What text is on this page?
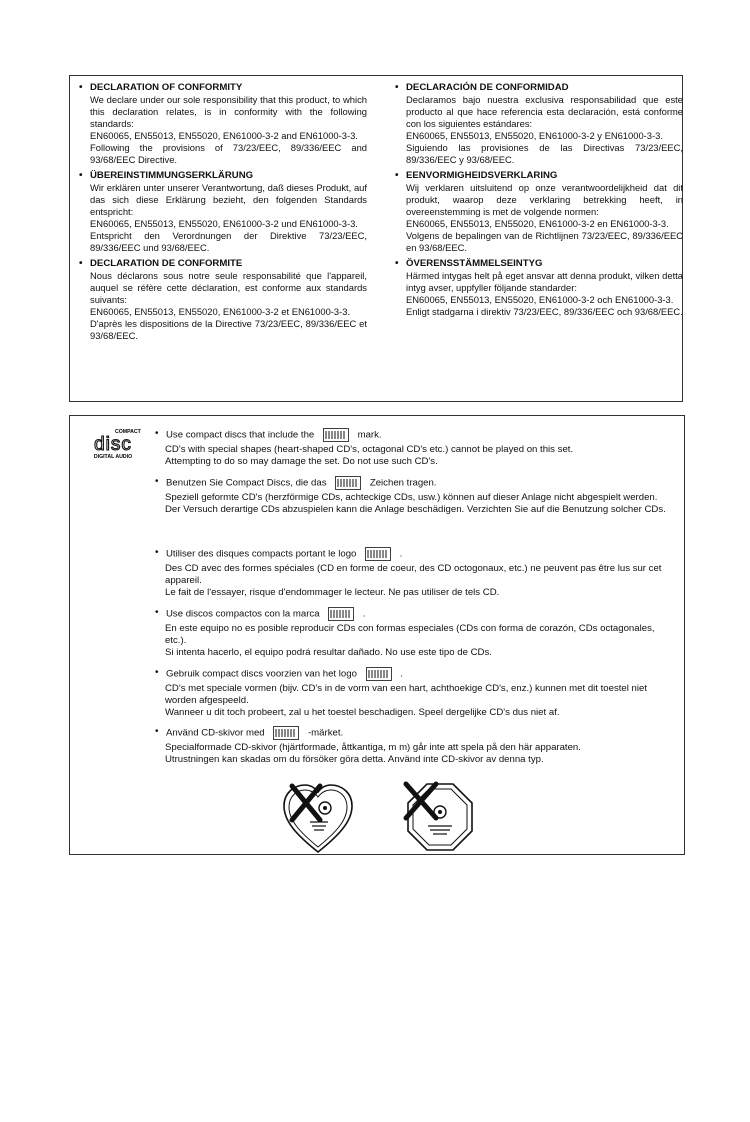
• DECLARATION OF CONFORMITY

We declare under our sole responsibility that this product, to which this declaration relates, is in conformity with the following standards:

EN60065, EN55013, EN55020, EN61000-3-2 and EN61000-3-3.

Following the provisions of 73/23/EEC, 89/336/EEC and 93/68/EEC Directive.

• ÜBEREINSTIMMUNGSERKLÄRUNG

Wir erklären unter unserer Verantwortung, daß dieses Produkt, auf das sich diese Erklärung bezieht, den folgenden Standards entspricht:

EN60065, EN55013, EN55020, EN61000-3-2 und EN61000-3-3.

Entspricht den Verordnungen der Direktive 73/23/EEC, 89/336/EEC und 93/68/EEC.

• DECLARATION DE CONFORMITE

Nous déclarons sous notre seule responsabilité que l'appareil, auquel se réfère cette déclaration, est conforme aux standards suivants:

EN60065, EN55013, EN55020, EN61000-3-2 et EN61000-3-3.

D'après les dispositions de la Directive 73/23/EEC, 89/336/EEC et 93/68/EEC.

• DECLARACIÓN DE CONFORMIDAD

Declaramos bajo nuestra exclusiva responsabilidad que este producto al que hace referencia esta declaración, está conforme con los siguientes estándares:

EN60065, EN55013, EN55020, EN61000-3-2 y EN61000-3-3.

Siguiendo las provisiones de las Directivas 73/23/EEC, 89/336/EEC y 93/68/EEC.

• EENVORMIGHEIDSVERKLARING

Wij verklaren uitsluitend op onze verantwoordelijkheid dat dit produkt, waarop deze verklaring betrekking heeft, in overeenstemming is met de volgende normen:

EN60065, EN55013, EN55020, EN61000-3-2 en EN61000-3-3.

Volgens de bepalingen van de Richtlijnen 73/23/EEC, 89/336/EEC en 93/68/EEC.

• ÖVERENSSTÄMMELSEINTYG

Härmed intygas helt på eget ansvar att denna produkt, vilken detta intyg avser, uppfyller följande standarder:

EN60065, EN55013, EN55020, EN61000-3-2 och EN61000-3-3.

Enligt stadgarna i direktiv 73/23/EEC, 89/336/EEC och 93/68/EEC.

COMPACT
disc
DIGITAL AUDIO
• Use compact discs that include the	mark.

CD's with special shapes (heart-shaped CD's, octagonal CD's etc.) cannot be played on this set.

Attempting to do so may damage the set. Do not use such CD's.

• Benutzen Sie Compact Discs, die das	Zeichen tragen.

Speziell geformte CD's (herzförmige CDs, achteckige CDs, usw.) können auf dieser Anlage nicht abgespielt werden.

Der Versuch derartige CDs abzuspielen kann die Anlage beschädigen. Verzichten Sie auf die Benutzung solcher CDs.

• Utiliser des disques compacts portant le logo	.

Des CD avec des formes spéciales (CD en forme de coeur, des CD octogonaux, etc.) ne peuvent pas être lus sur cet appareil.

Le fait de l'essayer, risque d'endommager le lecteur. Ne pas utiliser de tels CD.

• Use discos compactos con la marca	.

En este equipo no es posible reproducir CDs con formas especiales (CDs con forma de corazón, CDs octagonales, etc.).

Si intenta hacerlo, el equipo podrá resultar dañado. No use este tipo de CDs.

• Gebruik compact discs voorzien van het logo	.

CD's met speciale vormen (bijv. CD's in de vorm van een hart, achthoekige CD's, enz.) kunnen met dit toestel niet worden afgespeeld.

Wanneer u dit toch probeert, zal u het toestel beschadigen. Speel dergelijke CD's dus niet af.

• Använd CD-skivor med	-märket.

Specialformade CD-skivor (hjärtformade, åttkantiga, m m) går inte att spela på den här apparaten.

Utrustningen kan skadas om du försöker göra detta. Använd inte CD-skivor av denna typ.
